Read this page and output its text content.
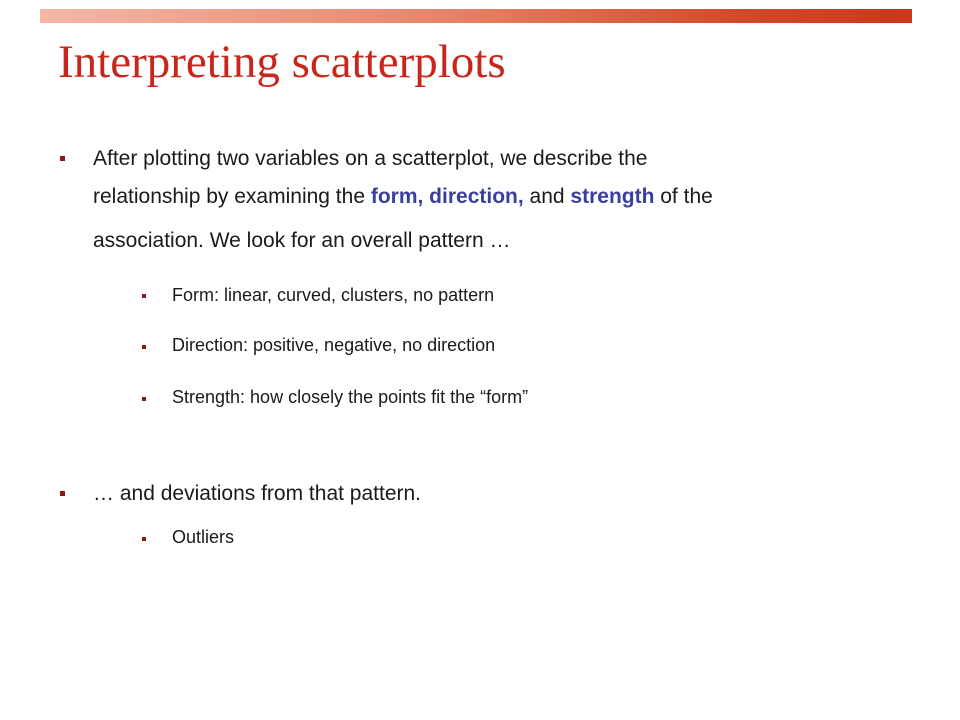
Interpreting scatterplots
After plotting two variables on a scatterplot, we describe the
relationship by examining the form, direction, and strength of the
association. We look for an overall pattern …
Form: linear, curved, clusters, no pattern
Direction: positive, negative, no direction
Strength: how closely the points fit the “form”
… and deviations from that pattern.
Outliers
